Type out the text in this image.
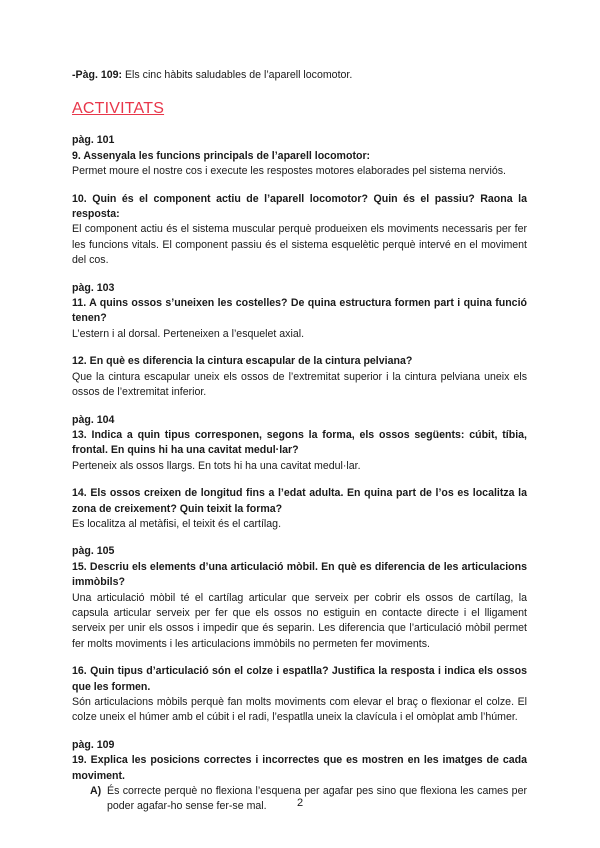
-Pàg. 109: Els cinc hàbits saludables de l’aparell locomotor.

ACTIVITATS
pàg. 101
9. Assenyala les funcions principals de l’aparell locomotor:
Permet moure el nostre cos i execute les respostes motores elaborades pel sistema nerviós.
10. Quin és el component actiu de l’aparell locomotor? Quin és el passiu? Raona la resposta:
El component actiu és el sistema muscular perquè produeixen els moviments necessaris per fer les funcions vitals. El component passiu és el sistema esquelètic perquè intervé en el moviment del cos.
pàg. 103
11. A quins ossos s’uneixen les costelles? De quina estructura formen part i quina funció tenen?
L’estern i al dorsal. Perteneixen a l’esquelet axial.
12. En què es diferencia la cintura escapular de la cintura pelviana?
Que la cintura escapular uneix els ossos de l’extremitat superior i la cintura pelviana uneix els ossos de l’extremitat inferior.
pàg. 104
13. Indica a quin tipus corresponen, segons la forma, els ossos següents: cúbit, tíbia, frontal. En quins hi ha una cavitat medul·lar?
Perteneix als ossos llargs. En tots hi ha una cavitat medul·lar.
14. Els ossos creixen de longitud fins a l’edat adulta. En quina part de l’os es localitza la zona de creixement? Quin teixit la forma?
Es localitza al metàfisi, el teixit és el cartílag.
pàg. 105
15. Descriu els elements d’una articulació mòbil. En què es diferencia de les articulacions immòbils?
Una articulació mòbil té el cartílag articular que serveix per cobrir els ossos de cartílag, la capsula articular serveix per fer que els ossos no estiguin en contacte directe i el lligament serveix per unir els ossos i impedir que és separin. Les diferencia que l’articulació mòbil permet fer molts moviments i les articulacions immòbils no permeten fer moviments.
16. Quin tipus d’articulació són el colze i espatlla? Justifica la resposta i indica els ossos que les formen.
Són articulacions mòbils perquè fan molts moviments com elevar el braç o flexionar el colze. El colze uneix el húmer amb el cúbit i el radi, l’espatlla uneix la clavícula i el omòplat amb l’húmer.
pàg. 109
19. Explica les posicions correctes i incorrectes que es mostren en les imatges de cada moviment.
A) És correcte perquè no flexiona l’esquena per agafar pes sino que flexiona les cames per poder agafar-ho sense fer-se mal.	2
